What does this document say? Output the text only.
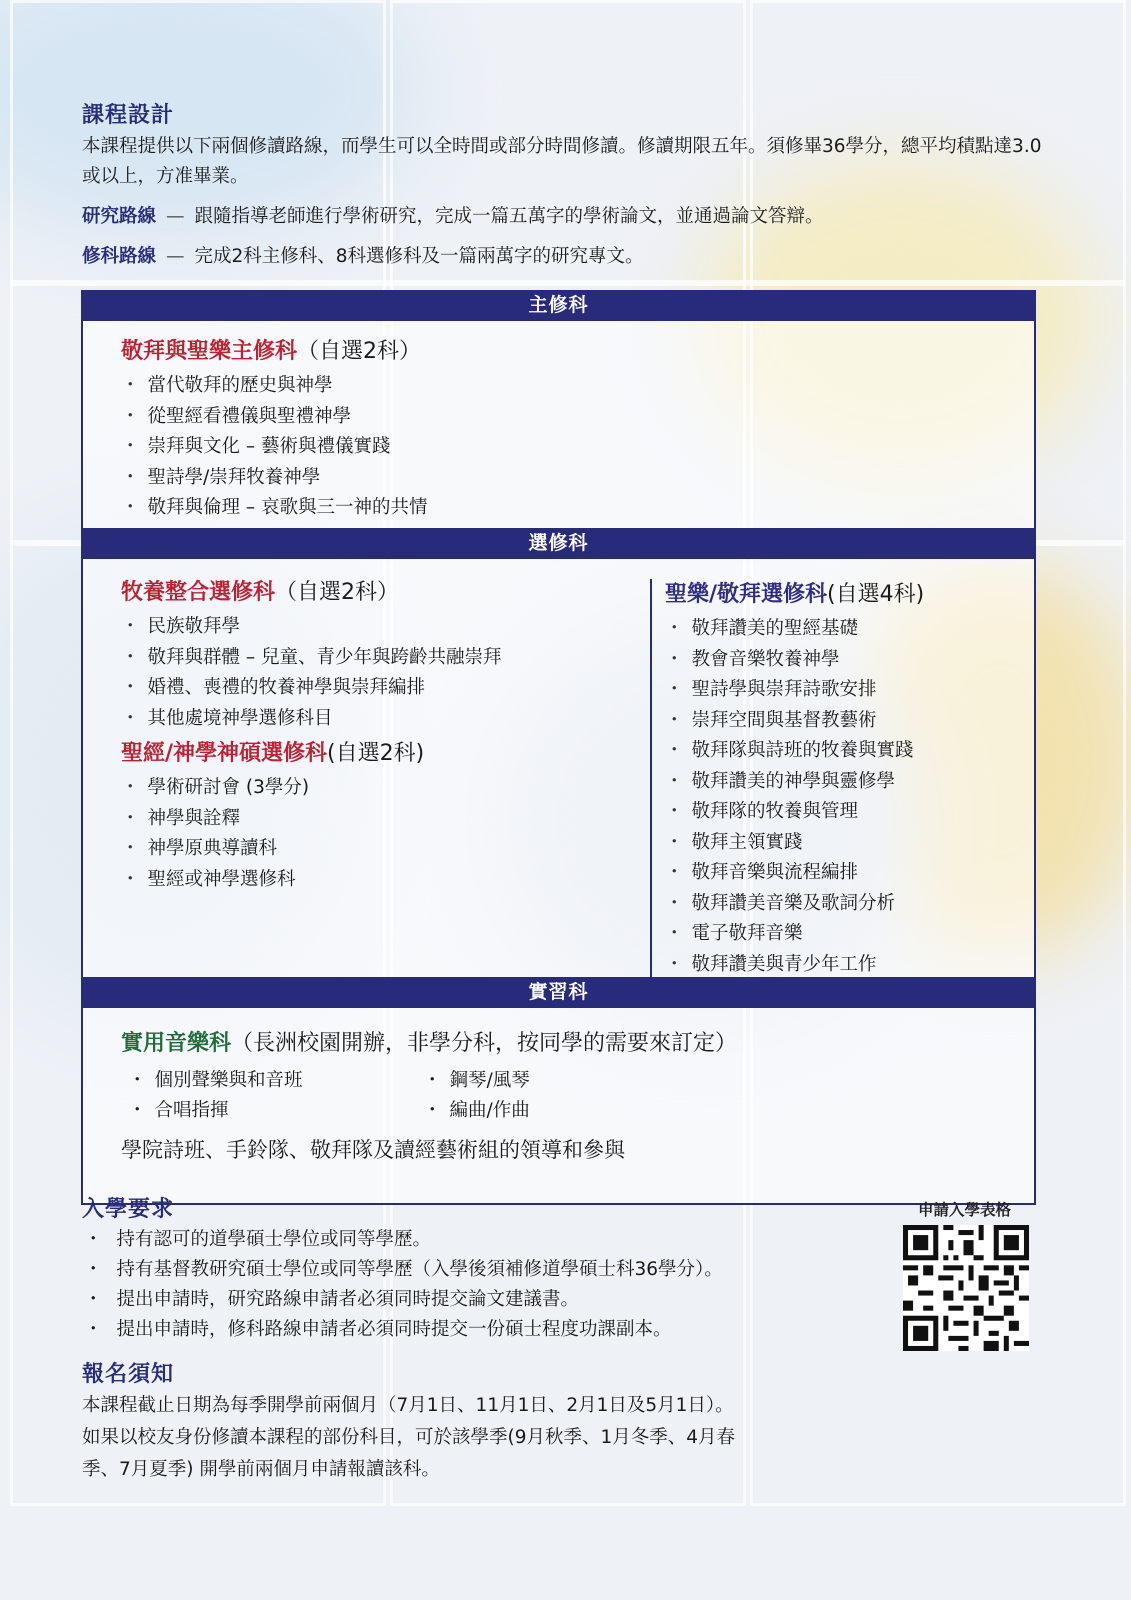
課程設計
本課程提供以下兩個修讀路線，而學生可以全時間或部分時間修讀。修讀期限五年。須修畢36學分，總平均積點達3.0或以上，方准畢業。
研究路線 — 跟隨指導老師進行學術研究，完成一篇五萬字的學術論文，並通過論文答辯。
修科路線 — 完成2科主修科、8科選修科及一篇兩萬字的研究專文。
主修科
敬拜與聖樂主修科（自選2科）
・ 當代敬拜的歷史與神學
・ 從聖經看禮儀與聖禮神學
・ 崇拜與文化 – 藝術與禮儀實踐
・ 聖詩學/崇拜牧養神學
・ 敬拜與倫理 – 哀歌與三一神的共情
選修科
牧養整合選修科（自選2科）
・ 民族敬拜學
・ 敬拜與群體 – 兒童、青少年與跨齡共融崇拜
・ 婚禮、喪禮的牧養神學與崇拜編排
・ 其他處境神學選修科目
聖經/神學神碩選修科(自選2科)
・ 學術研討會 (3學分)
・ 神學與詮釋
・ 神學原典導讀科
・ 聖經或神學選修科
聖樂/敬拜選修科(自選4科)
・ 敬拜讚美的聖經基礎
・ 教會音樂牧養神學
・ 聖詩學與崇拜詩歌安排
・ 崇拜空間與基督教藝術
・ 敬拜隊與詩班的牧養與實踐
・ 敬拜讚美的神學與靈修學
・ 敬拜隊的牧養與管理
・ 敬拜主領實踐
・ 敬拜音樂與流程編排
・ 敬拜讚美音樂及歌詞分析
・ 電子敬拜音樂
・ 敬拜讚美與青少年工作
實習科
實用音樂科（長洲校園開辦，非學分科，按同學的需要來訂定）
・ 個別聲樂與和音班	・ 鋼琴/風琴
・ 合唱指揮	・ 編曲/作曲
學院詩班、手鈴隊、敬拜隊及讀經藝術組的領導和參與
入學要求
・ 持有認可的道學碩士學位或同等學歷。
・ 持有基督教研究碩士學位或同等學歷（入學後須補修道學碩士科36學分）。
・ 提出申請時，研究路線申請者必須同時提交論文建議書。
・ 提出申請時，修科路線申請者必須同時提交一份碩士程度功課副本。
申請入學表格
報名須知
本課程截止日期為每季開學前兩個月（7月1日、11月1日、2月1日及5月1日）。
如果以校友身份修讀本課程的部份科目，可於該學季(9月秋季、1月冬季、4月春
季、7月夏季) 開學前兩個月申請報讀該科。
